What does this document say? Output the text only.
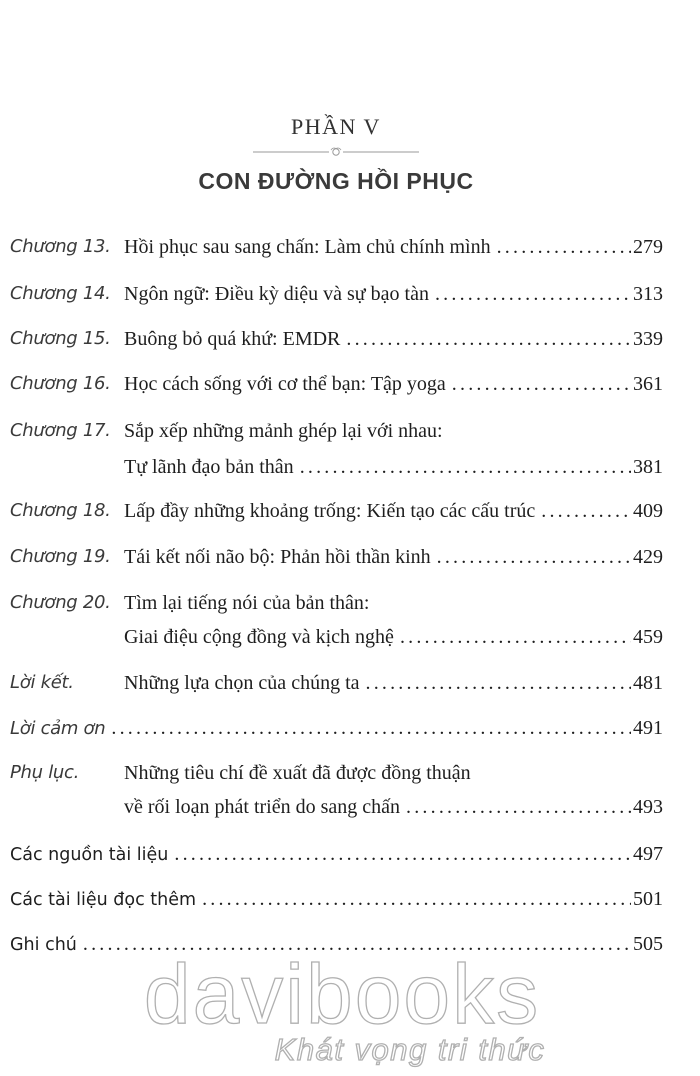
PHẦN V
CON ĐƯỜNG HỒI PHỤC
Chương 13. Hồi phục sau sang chấn: Làm chủ chính mình .....	279
Chương 14. Ngôn ngữ: Điều kỳ diệu và sự bạo tàn .....	313
Chương 15. Buông bỏ quá khứ: EMDR .....	339
Chương 16. Học cách sống với cơ thể bạn: Tập yoga .....	361
Chương 17. Sắp xếp những mảnh ghép lại với nhau:
Tự lãnh đạo bản thân .....	381
Chương 18. Lấp đầy những khoảng trống: Kiến tạo các cấu trúc .....	409
Chương 19. Tái kết nối não bộ: Phản hồi thần kinh .....	429
Chương 20. Tìm lại tiếng nói của bản thân:
Giai điệu cộng đồng và kịch nghệ .....	459
Lời kết.	Những lựa chọn của chúng ta .....	481
Lời cảm ơn .....	491
Phụ lục.	Những tiêu chí đề xuất đã được đồng thuận
về rối loạn phát triển do sang chấn .....	493
Các nguồn tài liệu .....	497
Các tài liệu đọc thêm .....	501
Ghi chú .....	505
davibooks
Khát vọng tri thức
